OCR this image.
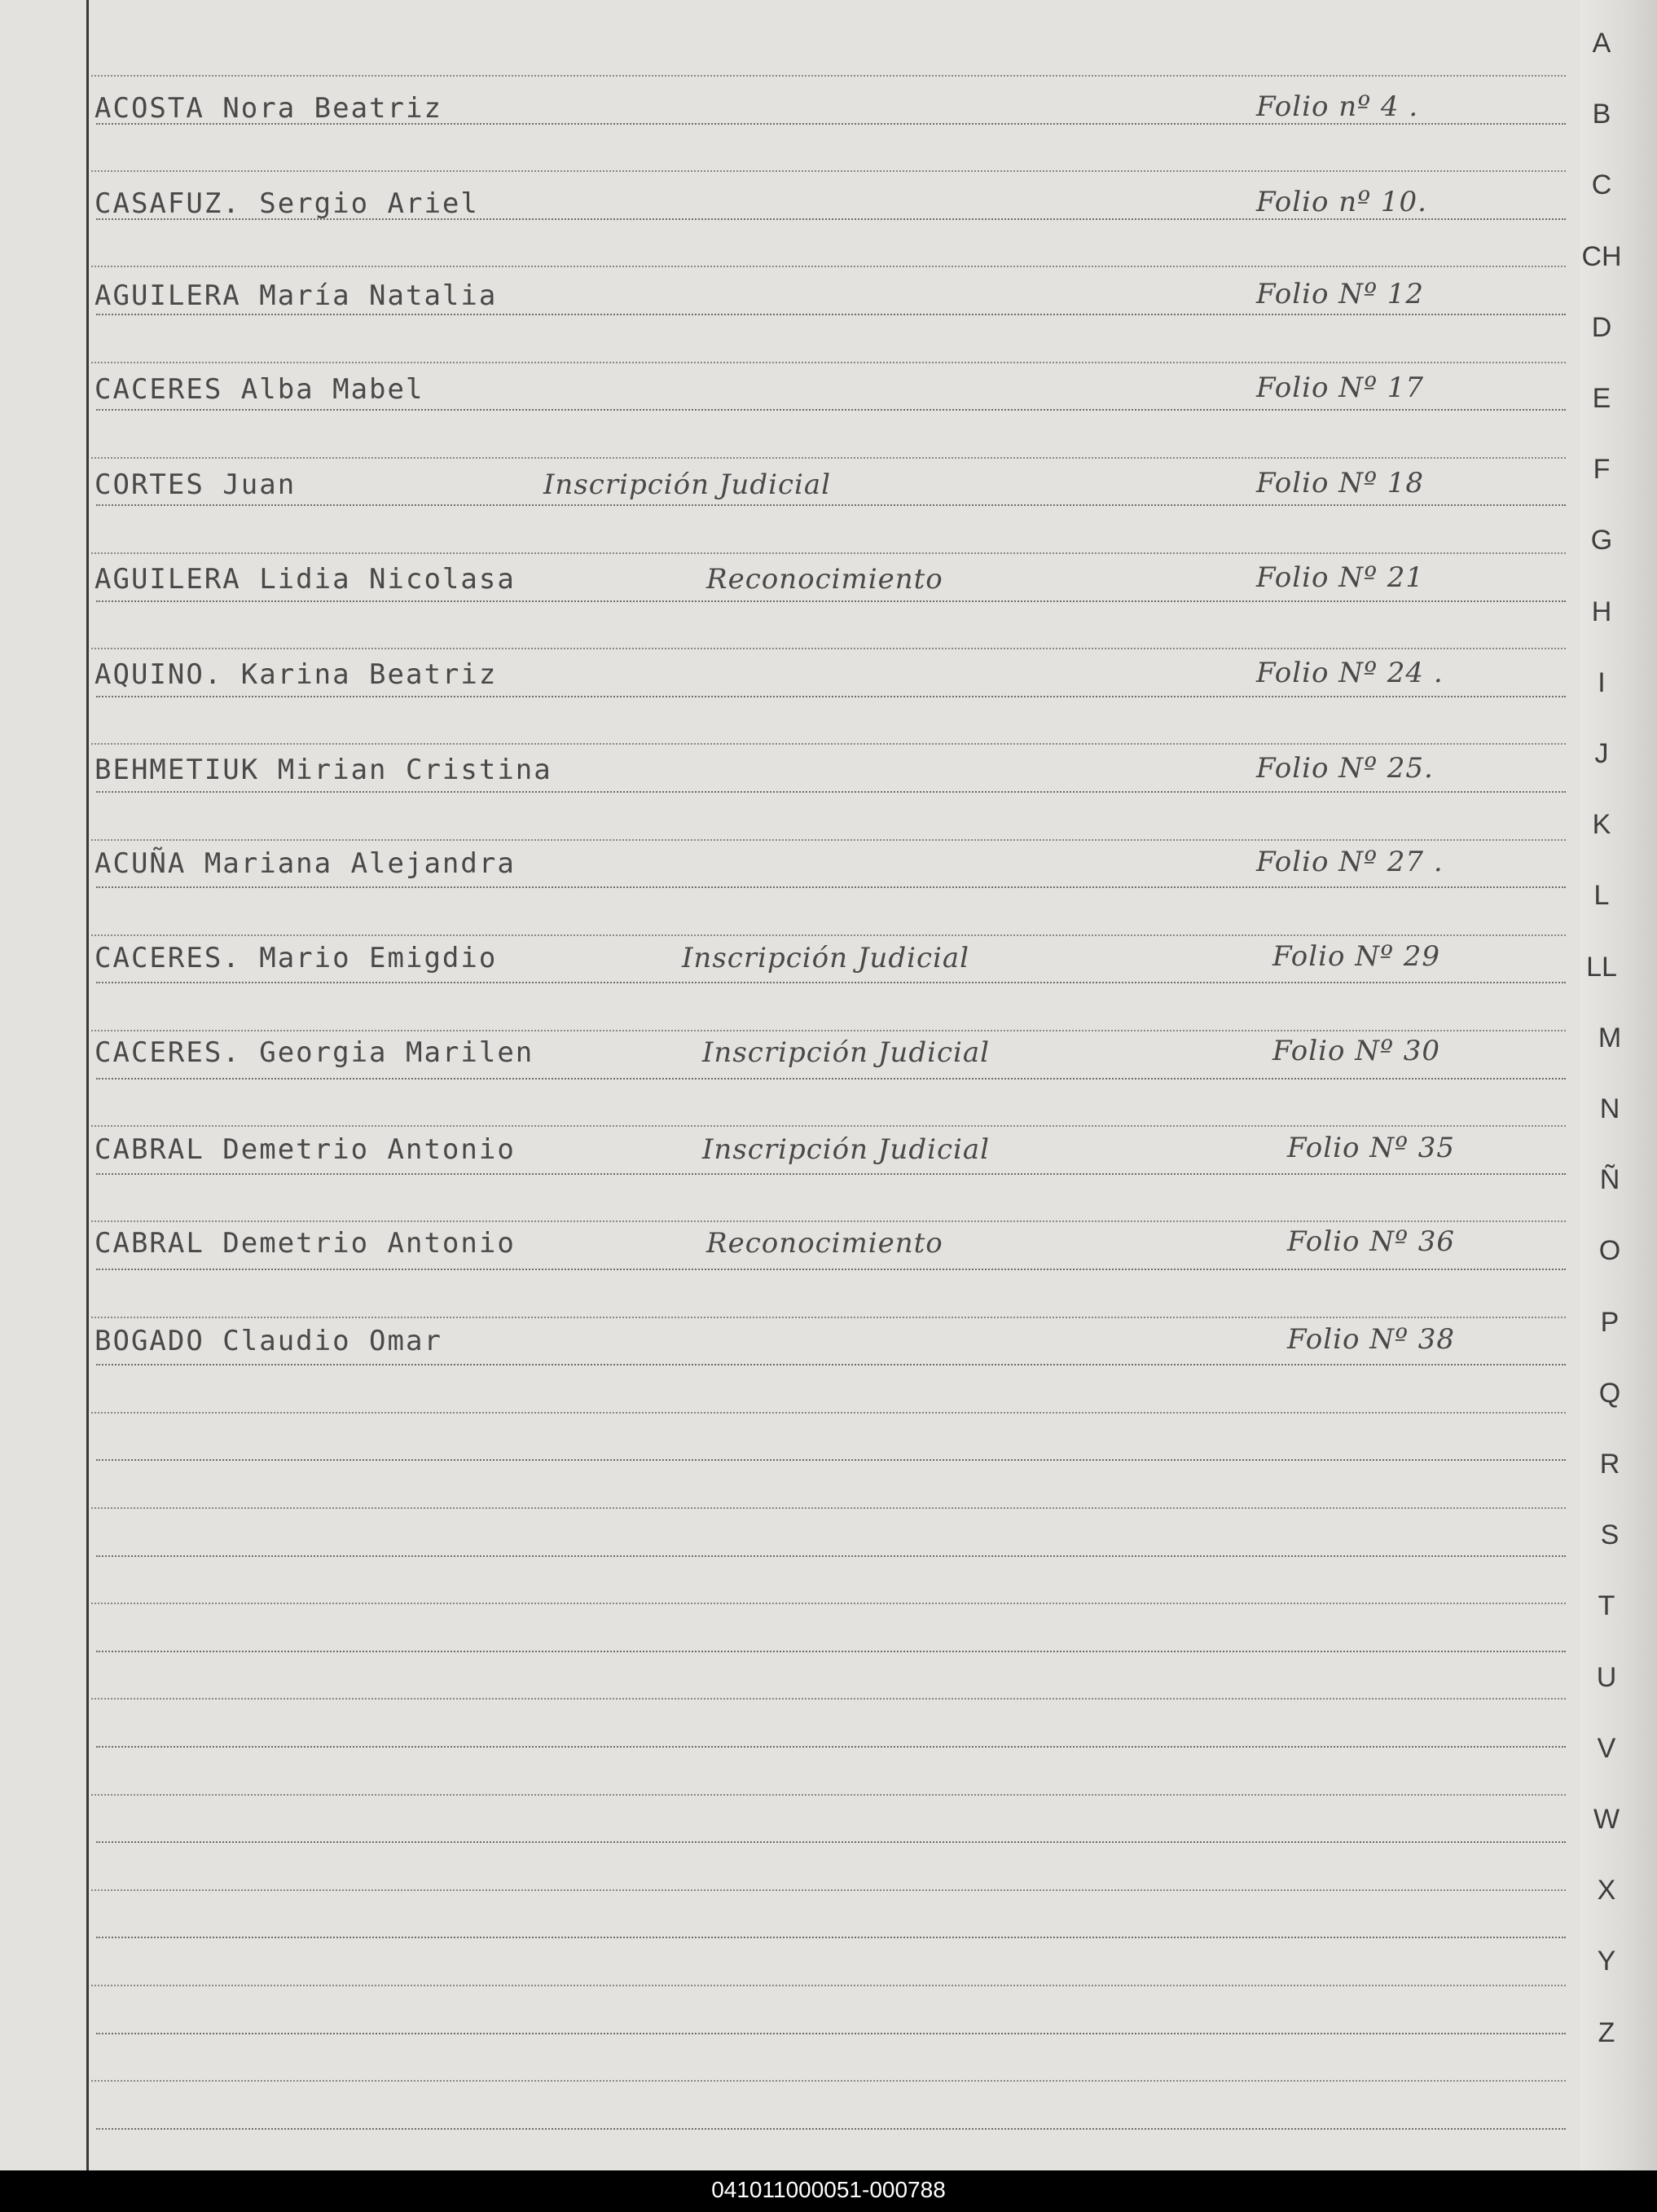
ACOSTA Nora Beatriz	Folio nº 4 .
CASAFUZ. Sergio Ariel	Folio nº 10.
AGUILERA María Natalia	Folio Nº 12
CACERES Alba Mabel	Folio Nº 17
CORTES Juan	Inscripción Judicial	Folio Nº 18
AGUILERA Lidia Nicolasa	Reconocimiento	Folio Nº 21
AQUINO. Karina Beatriz	Folio Nº 24 .
BEHMETIUK Mirian Cristina	Folio Nº 25.
ACUÑA Mariana Alejandra	Folio Nº 27 .
CACERES. Mario Emigdio	Inscripción Judicial	Folio Nº 29
CACERES. Georgia Marilen	Inscripción Judicial	Folio Nº 30
CABRAL Demetrio Antonio	Inscripción Judicial	Folio Nº 35
CABRAL Demetrio Antonio	Reconocimiento	Folio Nº 36
BOGADO Claudio Omar	Folio Nº 38
A
B
C
CH
D
E
F
G
H
I
J
K
L
LL
M
N
Ñ
O
P
Q
R
S
T
U
V
W
X
Y
Z
041011000051-000788
